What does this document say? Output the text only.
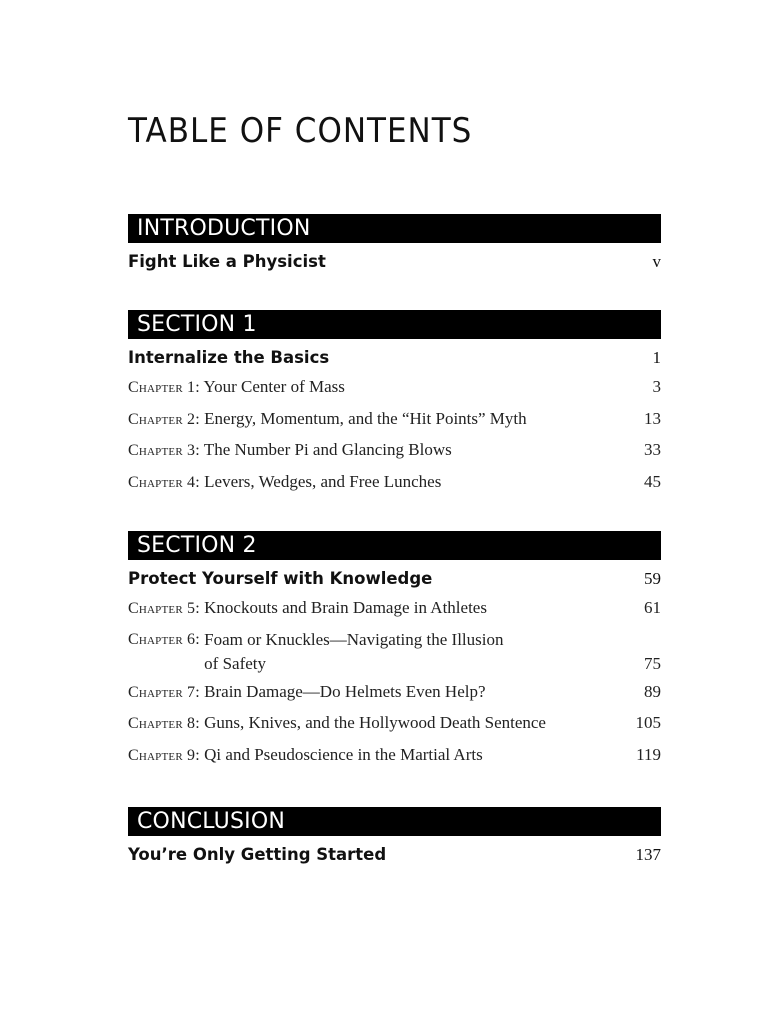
TABLE OF CONTENTS
INTRODUCTION
Fight Like a Physicist	v
SECTION 1
Internalize the Basics	1
Chapter 1: Your Center of Mass	3
Chapter 2: Energy, Momentum, and the “Hit Points” Myth	13
Chapter 3: The Number Pi and Glancing Blows	33
Chapter 4: Levers, Wedges, and Free Lunches	45
SECTION 2
Protect Yourself with Knowledge	59
Chapter 5: Knockouts and Brain Damage in Athletes	61
Chapter 6:
Foam or Knuckles—Navigating the Illusion
of Safety	75
Chapter 7: Brain Damage—Do Helmets Even Help?	89
Chapter 8: Guns, Knives, and the Hollywood Death Sentence	105
Chapter 9: Qi and Pseudoscience in the Martial Arts	119
CONCLUSION
You’re Only Getting Started	137
